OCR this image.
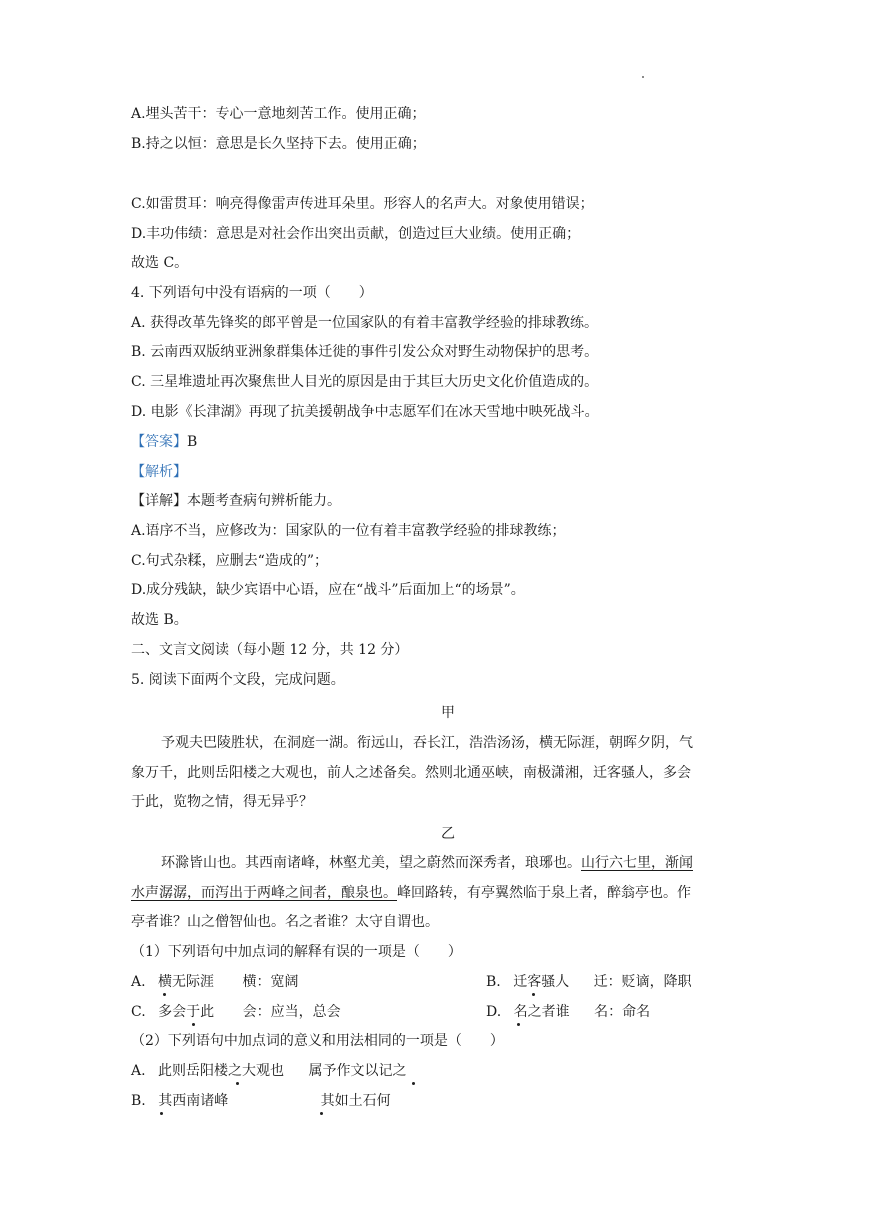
A.埋头苦干：专心一意地刻苦工作。使用正确；
B.持之以恒：意思是长久坚持下去。使用正确；
C.如雷贯耳：响亮得像雷声传进耳朵里。形容人的名声大。对象使用错误；
D.丰功伟绩：意思是对社会作出突出贡献，创造过巨大业绩。使用正确；
故选 C。
4. 下列语句中没有语病的一项（　　）
A. 获得改革先锋奖的郎平曾是一位国家队的有着丰富教学经验的排球教练。
B. 云南西双版纳亚洲象群集体迁徙的事件引发公众对野生动物保护的思考。
C. 三星堆遗址再次聚焦世人目光的原因是由于其巨大历史文化价值造成的。
D. 电影《长津湖》再现了抗美援朝战争中志愿军们在冰天雪地中映死战斗。
【答案】B
【解析】
【详解】本题考查病句辨析能力。
A.语序不当，应修改为：国家队的一位有着丰富教学经验的排球教练；
C.句式杂糅，应删去“造成的”；
D.成分残缺，缺少宾语中心语，应在“战斗”后面加上“的场景”。
故选 B。
二、文言文阅读（每小题 12 分，共 12 分）
5. 阅读下面两个文段，完成问题。
甲
予观夫巴陵胜状，在洞庭一湖。衔远山，吞长江，浩浩汤汤，横无际涯，朝晖夕阴，气
象万千，此则岳阳楼之大观也，前人之述备矣。然则北通巫峡，南极潇湘，迁客骚人，多会
于此，览物之情，得无异乎？
乙
环滁皆山也。其西南诸峰，林壑尤美，望之蔚然而深秀者，琅琊也。山行六七里，渐闻
水声潺潺，而泻出于两峰之间者，酿泉也。峰回路转，有亭翼然临于泉上者，醉翁亭也。作
亭者谁？山之僧智仙也。名之者谁？太守自谓也。
（1）下列语句中加点词的解释有误的一项是（　　）
A. 横无际涯 横：宽阔	B. 迁客骚人 迁：贬谪，降职
C. 多会于此 会：应当，总会	D. 名之者谁 名：命名
（2）下列语句中加点词的意义和用法相同的一项是（　　）
A. 此则岳阳楼之大观也 属予作文以记之
B. 其西南诸峰	其如土石何
